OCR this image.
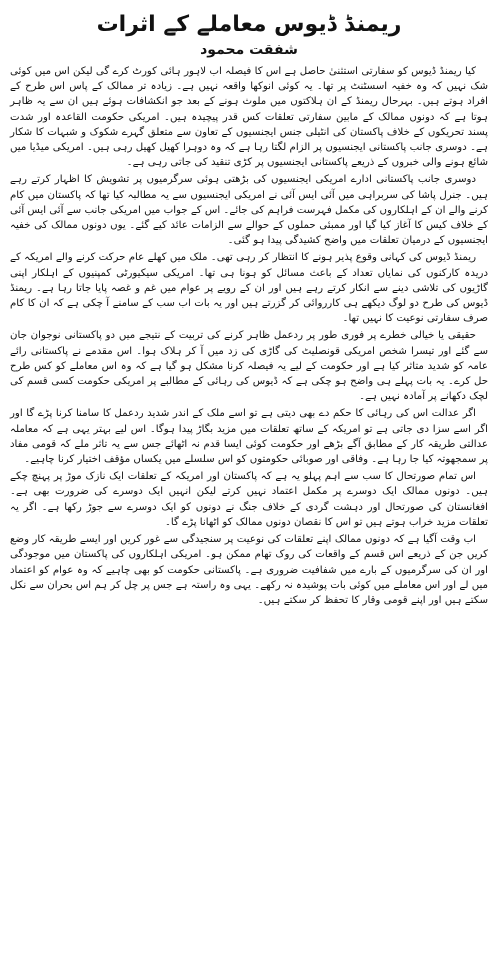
ریمنڈ ڈیوس معاملے کے اثرات
شفقت محمود

کیا ریمنڈ ڈیوس کو سفارتی استثنیٰ حاصل ہے اس کا فیصلہ اب لاہور ہائی کورٹ کرے گی لیکن اس میں کوئی شک نہیں کہ وہ خفیہ اسسٹنٹ پر تھا۔ یہ کوئی انوکھا واقعہ نہیں ہے۔ زیادہ تر ممالک کے پاس اس طرح کے افراد ہوتے ہیں۔ بہرحال ریمنڈ کے ان ہلاکتوں میں ملوث ہونے کے بعد جو انکشافات ہوئے ہیں ان سے یہ ظاہر ہوتا ہے کہ دونوں ممالک کے مابین سفارتی تعلقات کس قدر پیچیدہ ہیں۔ امریکی حکومت القاعدہ اور شدت پسند تحریکوں کے خلاف پاکستان کی انٹیلی جنس ایجنسیوں کے تعاون سے متعلق گہرے شکوک و شبہات کا شکار ہے۔ دوسری جانب پاکستانی ایجنسیوں پر الزام لگتا رہا ہے کہ وہ دوہرا کھیل کھیل رہی ہیں۔ امریکی میڈیا میں شائع ہونے والی خبروں کے ذریعے پاکستانی ایجنسیوں پر کڑی تنقید کی جاتی رہی ہے۔

دوسری جانب پاکستانی ادارے امریکی ایجنسیوں کی بڑھتی ہوئی سرگرمیوں پر تشویش کا اظہار کرتے رہے ہیں۔ جنرل پاشا کی سربراہی میں آئی ایس آئی نے امریکی ایجنسیوں سے یہ مطالبہ کیا تھا کہ پاکستان میں کام کرنے والے ان کے اہلکاروں کی مکمل فہرست فراہم کی جائے۔ اس کے جواب میں امریکی جانب سے آئی ایس آئی کے خلاف کیس کا آغاز کیا گیا اور ممبئی حملوں کے حوالے سے الزامات عائد کیے گئے۔ یوں دونوں ممالک کی خفیہ ایجنسیوں کے درمیان تعلقات میں واضح کشیدگی پیدا ہو گئی۔

ریمنڈ ڈیوس کی کہانی وقوع پذیر ہونے کا انتظار کر رہی تھی۔ ملک میں کھلے عام حرکت کرنے والے امریکہ کے دریدہ کارکنوں کی نمایاں تعداد کے باعث مسائل کو ہونا ہی تھا۔ امریکی سیکیورٹی کمپنیوں کے اہلکار اپنی گاڑیوں کی تلاشی دینے سے انکار کرتے رہے ہیں اور ان کے رویے پر عوام میں غم و غصہ پایا جاتا رہا ہے۔ ریمنڈ ڈیوس کی طرح دو لوگ دیکھے ہی کارروائی کر گزرتے ہیں اور یہ بات اب سب کے سامنے آ چکی ہے کہ ان کا کام صرف سفارتی نوعیت کا نہیں تھا۔

حقیقی یا خیالی خطرے پر فوری طور پر ردعمل ظاہر کرنے کی تربیت کے نتیجے میں دو پاکستانی نوجوان جان سے گئے اور تیسرا شخص امریکی قونصلیٹ کی گاڑی کی زد میں آ کر ہلاک ہوا۔ اس مقدمے نے پاکستانی رائے عامہ کو شدید متاثر کیا ہے اور حکومت کے لیے یہ فیصلہ کرنا مشکل ہو گیا ہے کہ وہ اس معاملے کو کس طرح حل کرے۔ یہ بات پہلے ہی واضح ہو چکی ہے کہ ڈیوس کی رہائی کے مطالبے پر امریکی حکومت کسی قسم کی لچک دکھانے پر آمادہ نہیں ہے۔

اگر عدالت اس کی رہائی کا حکم دے بھی دیتی ہے تو اسے ملک کے اندر شدید ردعمل کا سامنا کرنا پڑے گا اور اگر اسے سزا دی جاتی ہے تو امریکہ کے ساتھ تعلقات میں مزید بگاڑ پیدا ہوگا۔ اس لیے بہتر یہی ہے کہ معاملہ عدالتی طریقہ کار کے مطابق آگے بڑھے اور حکومت کوئی ایسا قدم نہ اٹھائے جس سے یہ تاثر ملے کہ قومی مفاد پر سمجھوتہ کیا جا رہا ہے۔ وفاقی اور صوبائی حکومتوں کو اس سلسلے میں یکساں مؤقف اختیار کرنا چاہیے۔

اس تمام صورتحال کا سب سے اہم پہلو یہ ہے کہ پاکستان اور امریکہ کے تعلقات ایک نازک موڑ پر پہنچ چکے ہیں۔ دونوں ممالک ایک دوسرے پر مکمل اعتماد نہیں کرتے لیکن انہیں ایک دوسرے کی ضرورت بھی ہے۔ افغانستان کی صورتحال اور دہشت گردی کے خلاف جنگ نے دونوں کو ایک دوسرے سے جوڑ رکھا ہے۔ اگر یہ تعلقات مزید خراب ہوتے ہیں تو اس کا نقصان دونوں ممالک کو اٹھانا پڑے گا۔

اب وقت آگیا ہے کہ دونوں ممالک اپنے تعلقات کی نوعیت پر سنجیدگی سے غور کریں اور ایسے طریقہ کار وضع کریں جن کے ذریعے اس قسم کے واقعات کی روک تھام ممکن ہو۔ امریکی اہلکاروں کی پاکستان میں موجودگی اور ان کی سرگرمیوں کے بارے میں شفافیت ضروری ہے۔ پاکستانی حکومت کو بھی چاہیے کہ وہ عوام کو اعتماد میں لے اور اس معاملے میں کوئی بات پوشیدہ نہ رکھے۔ یہی وہ راستہ ہے جس پر چل کر ہم اس بحران سے نکل سکتے ہیں اور اپنے قومی وقار کا تحفظ کر سکتے ہیں۔
